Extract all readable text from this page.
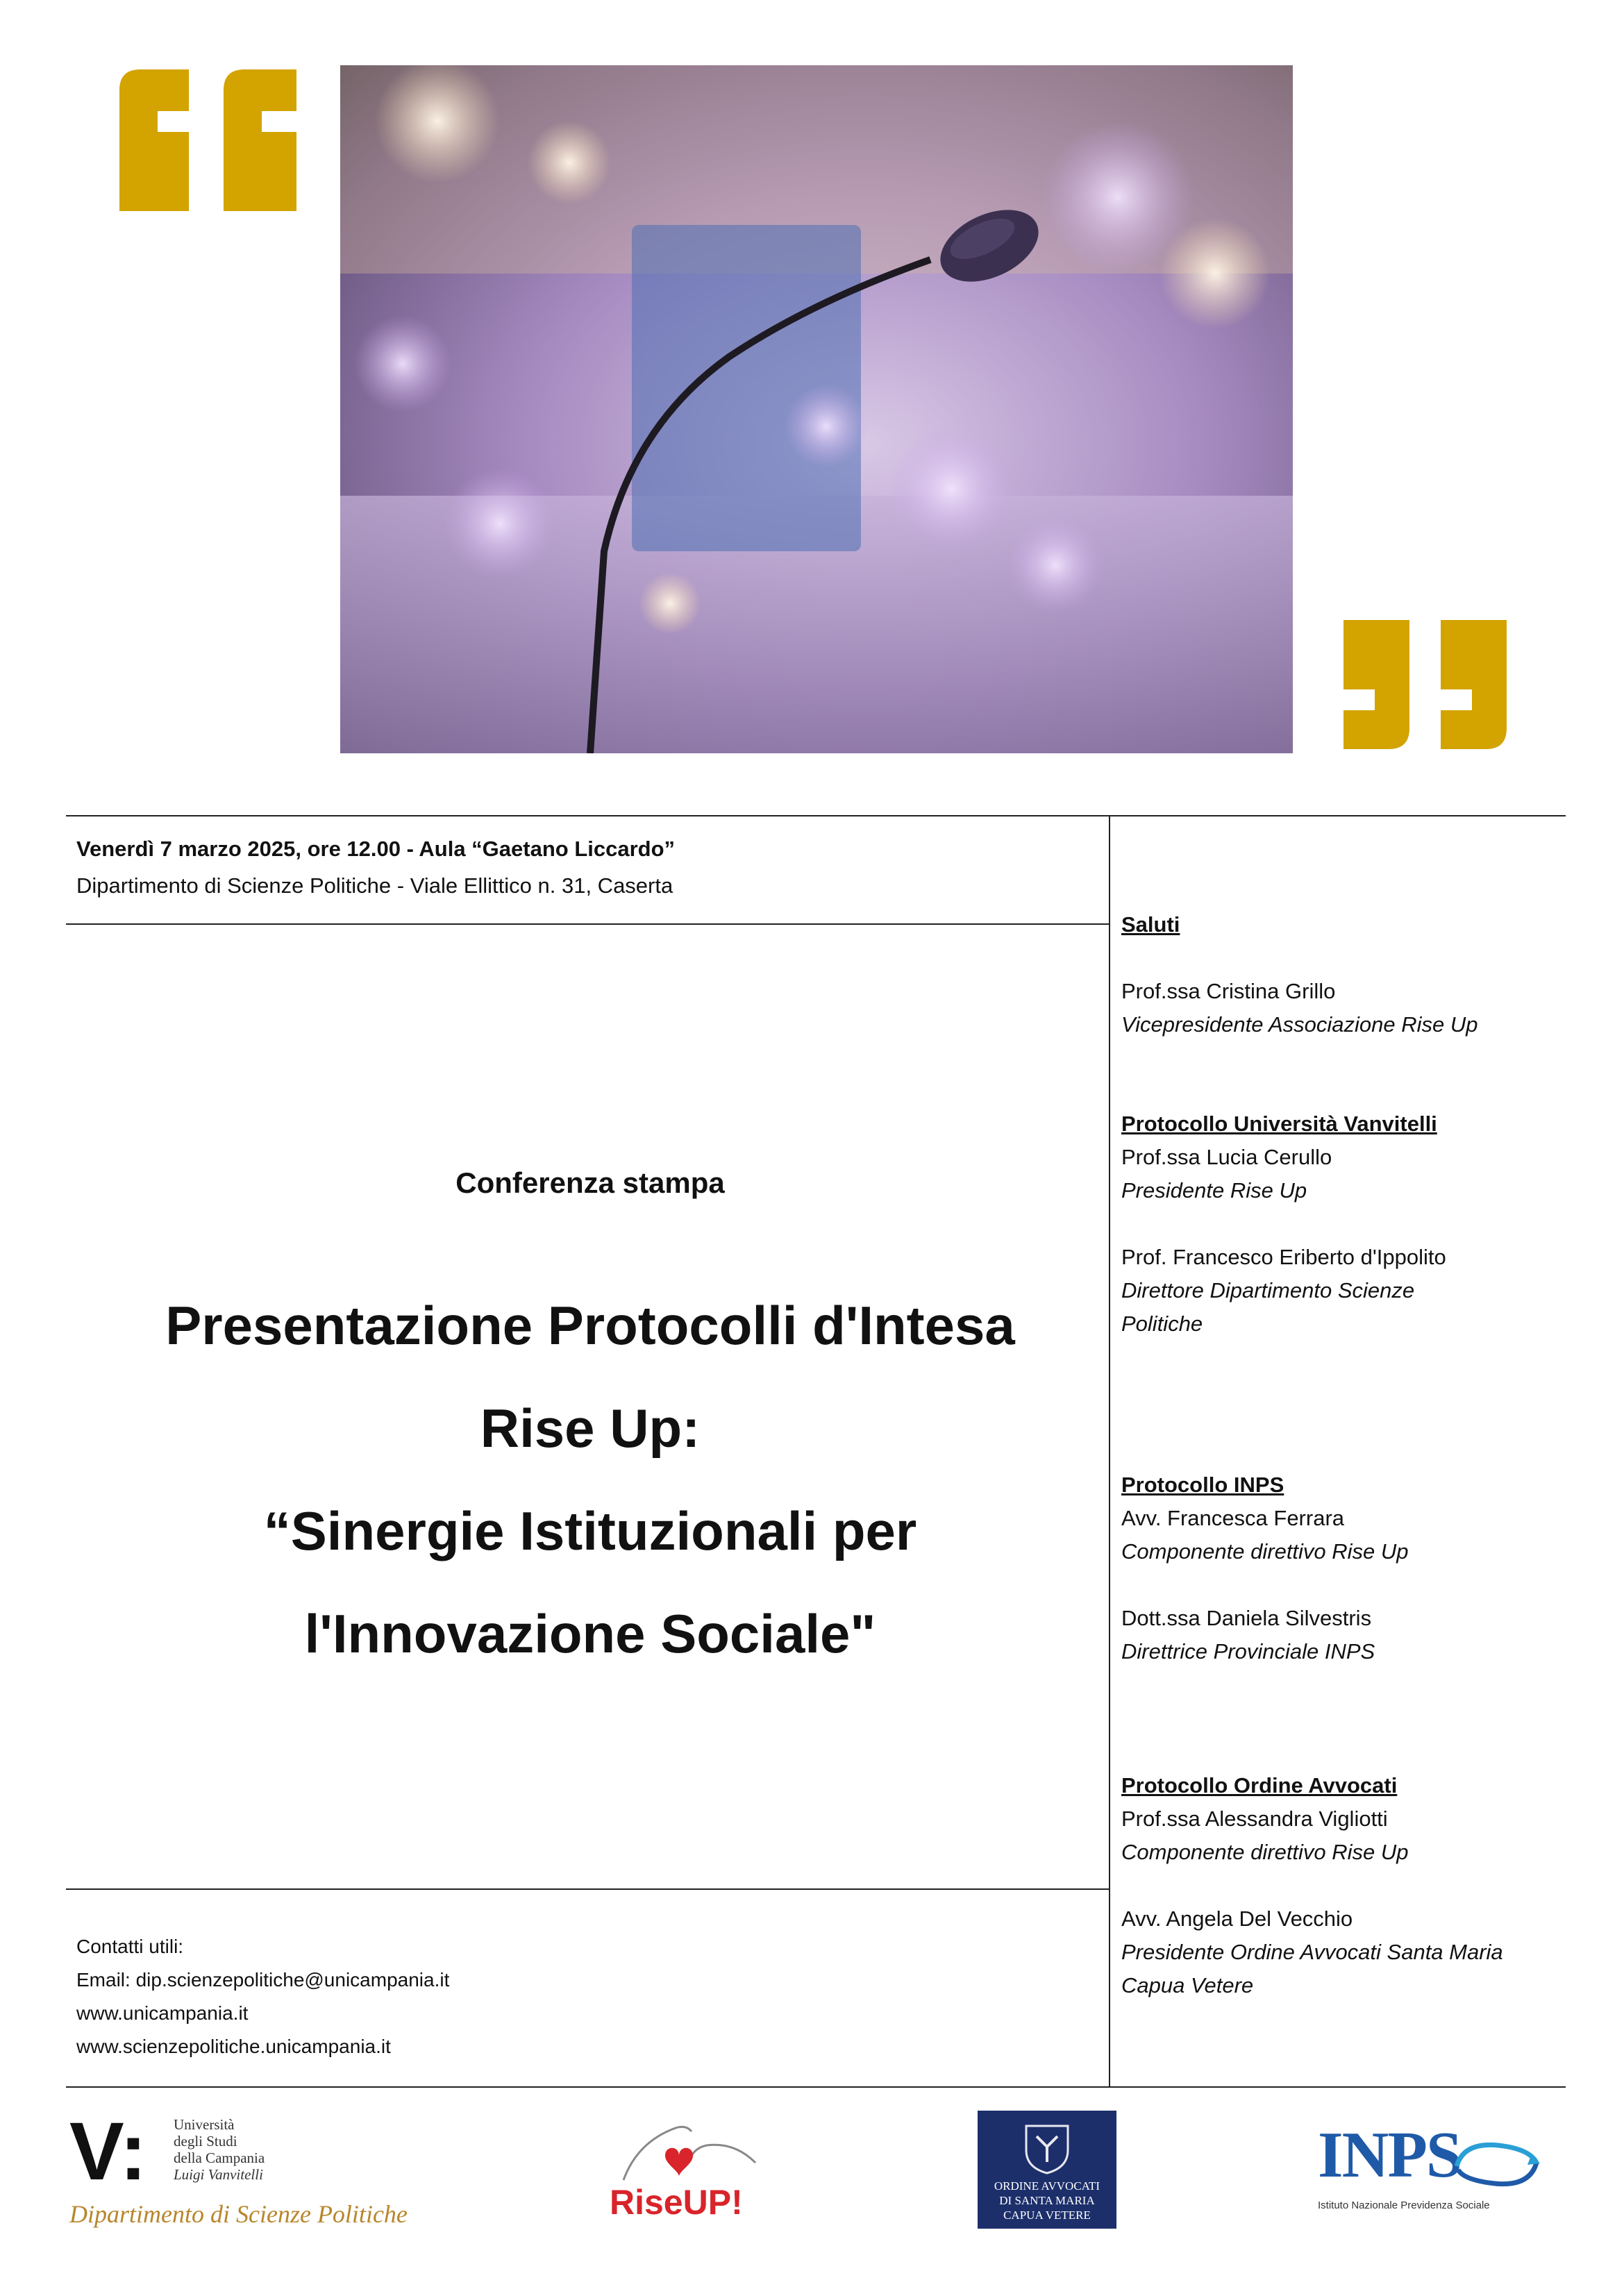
Venerdì 7 marzo 2025, ore 12.00 - Aula “Gaetano Liccardo”
Dipartimento di Scienze Politiche - Viale Ellittico n. 31, Caserta
Conferenza stampa
Presentazione Protocolli d'Intesa
Rise Up:
“Sinergie Istituzionali per
l'Innovazione Sociale"
Contatti utili:
Email: dip.scienzepolitiche@unicampania.it
www.unicampania.it
www.scienzepolitiche.unicampania.it
Saluti
Prof.ssa Cristina Grillo
Vicepresidente Associazione Rise Up
Protocollo Università Vanvitelli
Prof.ssa Lucia Cerullo
Presidente Rise Up
Prof. Francesco Eriberto d'Ippolito
Direttore Dipartimento Scienze Politiche
Protocollo INPS
Avv. Francesca Ferrara
Componente direttivo Rise Up
Dott.ssa Daniela Silvestris
Direttrice Provinciale INPS
Protocollo Ordine Avvocati
Prof.ssa Alessandra Vigliotti
Componente direttivo Rise Up
Avv. Angela Del Vecchio
Presidente Ordine Avvocati Santa Maria Capua Vetere
V: Università
degli Studi
della Campania
Luigi Vanvitelli
Dipartimento di Scienze Politiche	RiseUP!	ORDINE AVVOCATI
DI SANTA MARIA
CAPUA VETERE
INPS
Istituto Nazionale Previdenza Sociale
